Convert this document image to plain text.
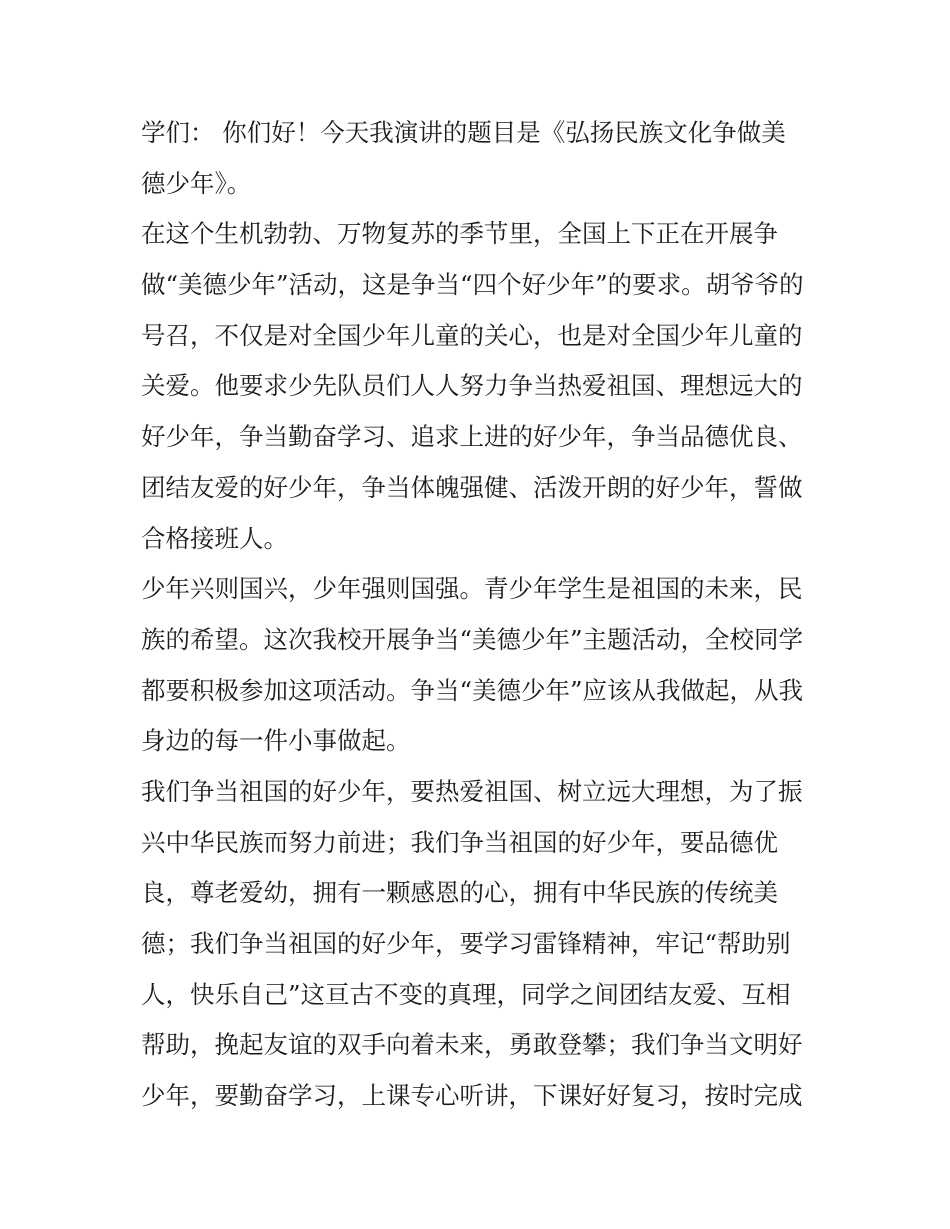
学们： 你们好！今天我演讲的题目是《弘扬民族文化争做美
德少年》。
在这个生机勃勃、万物复苏的季节里，全国上下正在开展争
做“美德少年”活动，这是争当“四个好少年”的要求。胡爷爷的
号召，不仅是对全国少年儿童的关心，也是对全国少年儿童的
关爱。他要求少先队员们人人努力争当热爱祖国、理想远大的
好少年，争当勤奋学习、追求上进的好少年，争当品德优良、
团结友爱的好少年，争当体魄强健、活泼开朗的好少年，誓做
合格接班人。
少年兴则国兴，少年强则国强。青少年学生是祖国的未来，民
族的希望。这次我校开展争当“美德少年”主题活动，全校同学
都要积极参加这项活动。争当“美德少年”应该从我做起，从我
身边的每一件小事做起。
我们争当祖国的好少年，要热爱祖国、树立远大理想，为了振
兴中华民族而努力前进；我们争当祖国的好少年，要品德优
良，尊老爱幼，拥有一颗感恩的心，拥有中华民族的传统美
德；我们争当祖国的好少年，要学习雷锋精神，牢记“帮助别
人，快乐自己”这亘古不变的真理，同学之间团结友爱、互相
帮助，挽起友谊的双手向着未来，勇敢登攀；我们争当文明好
少年，要勤奋学习，上课专心听讲，下课好好复习，按时完成
